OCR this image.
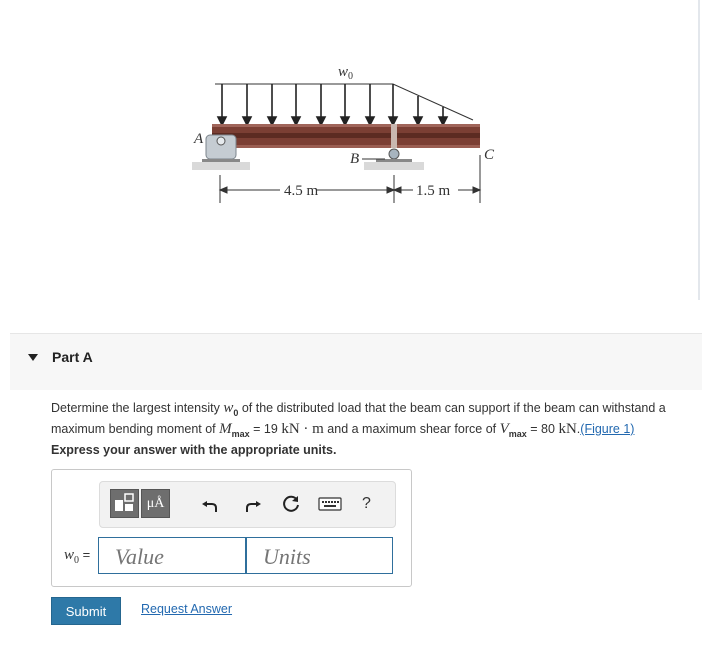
$w_0$
A
B	C
4.5 m	1.5 m
Part A
Determine the largest intensity $w_0$ of the distributed load that the beam can support if the beam can withstand a maximum bending moment of $M_{max} = 19$ kN · m and a maximum shear force of $V_{max} = 80$ kN.(Figure 1)
Express your answer with the appropriate units.
μÅ	?
$w_0$ =
Value
Units
Submit	Request Answer
